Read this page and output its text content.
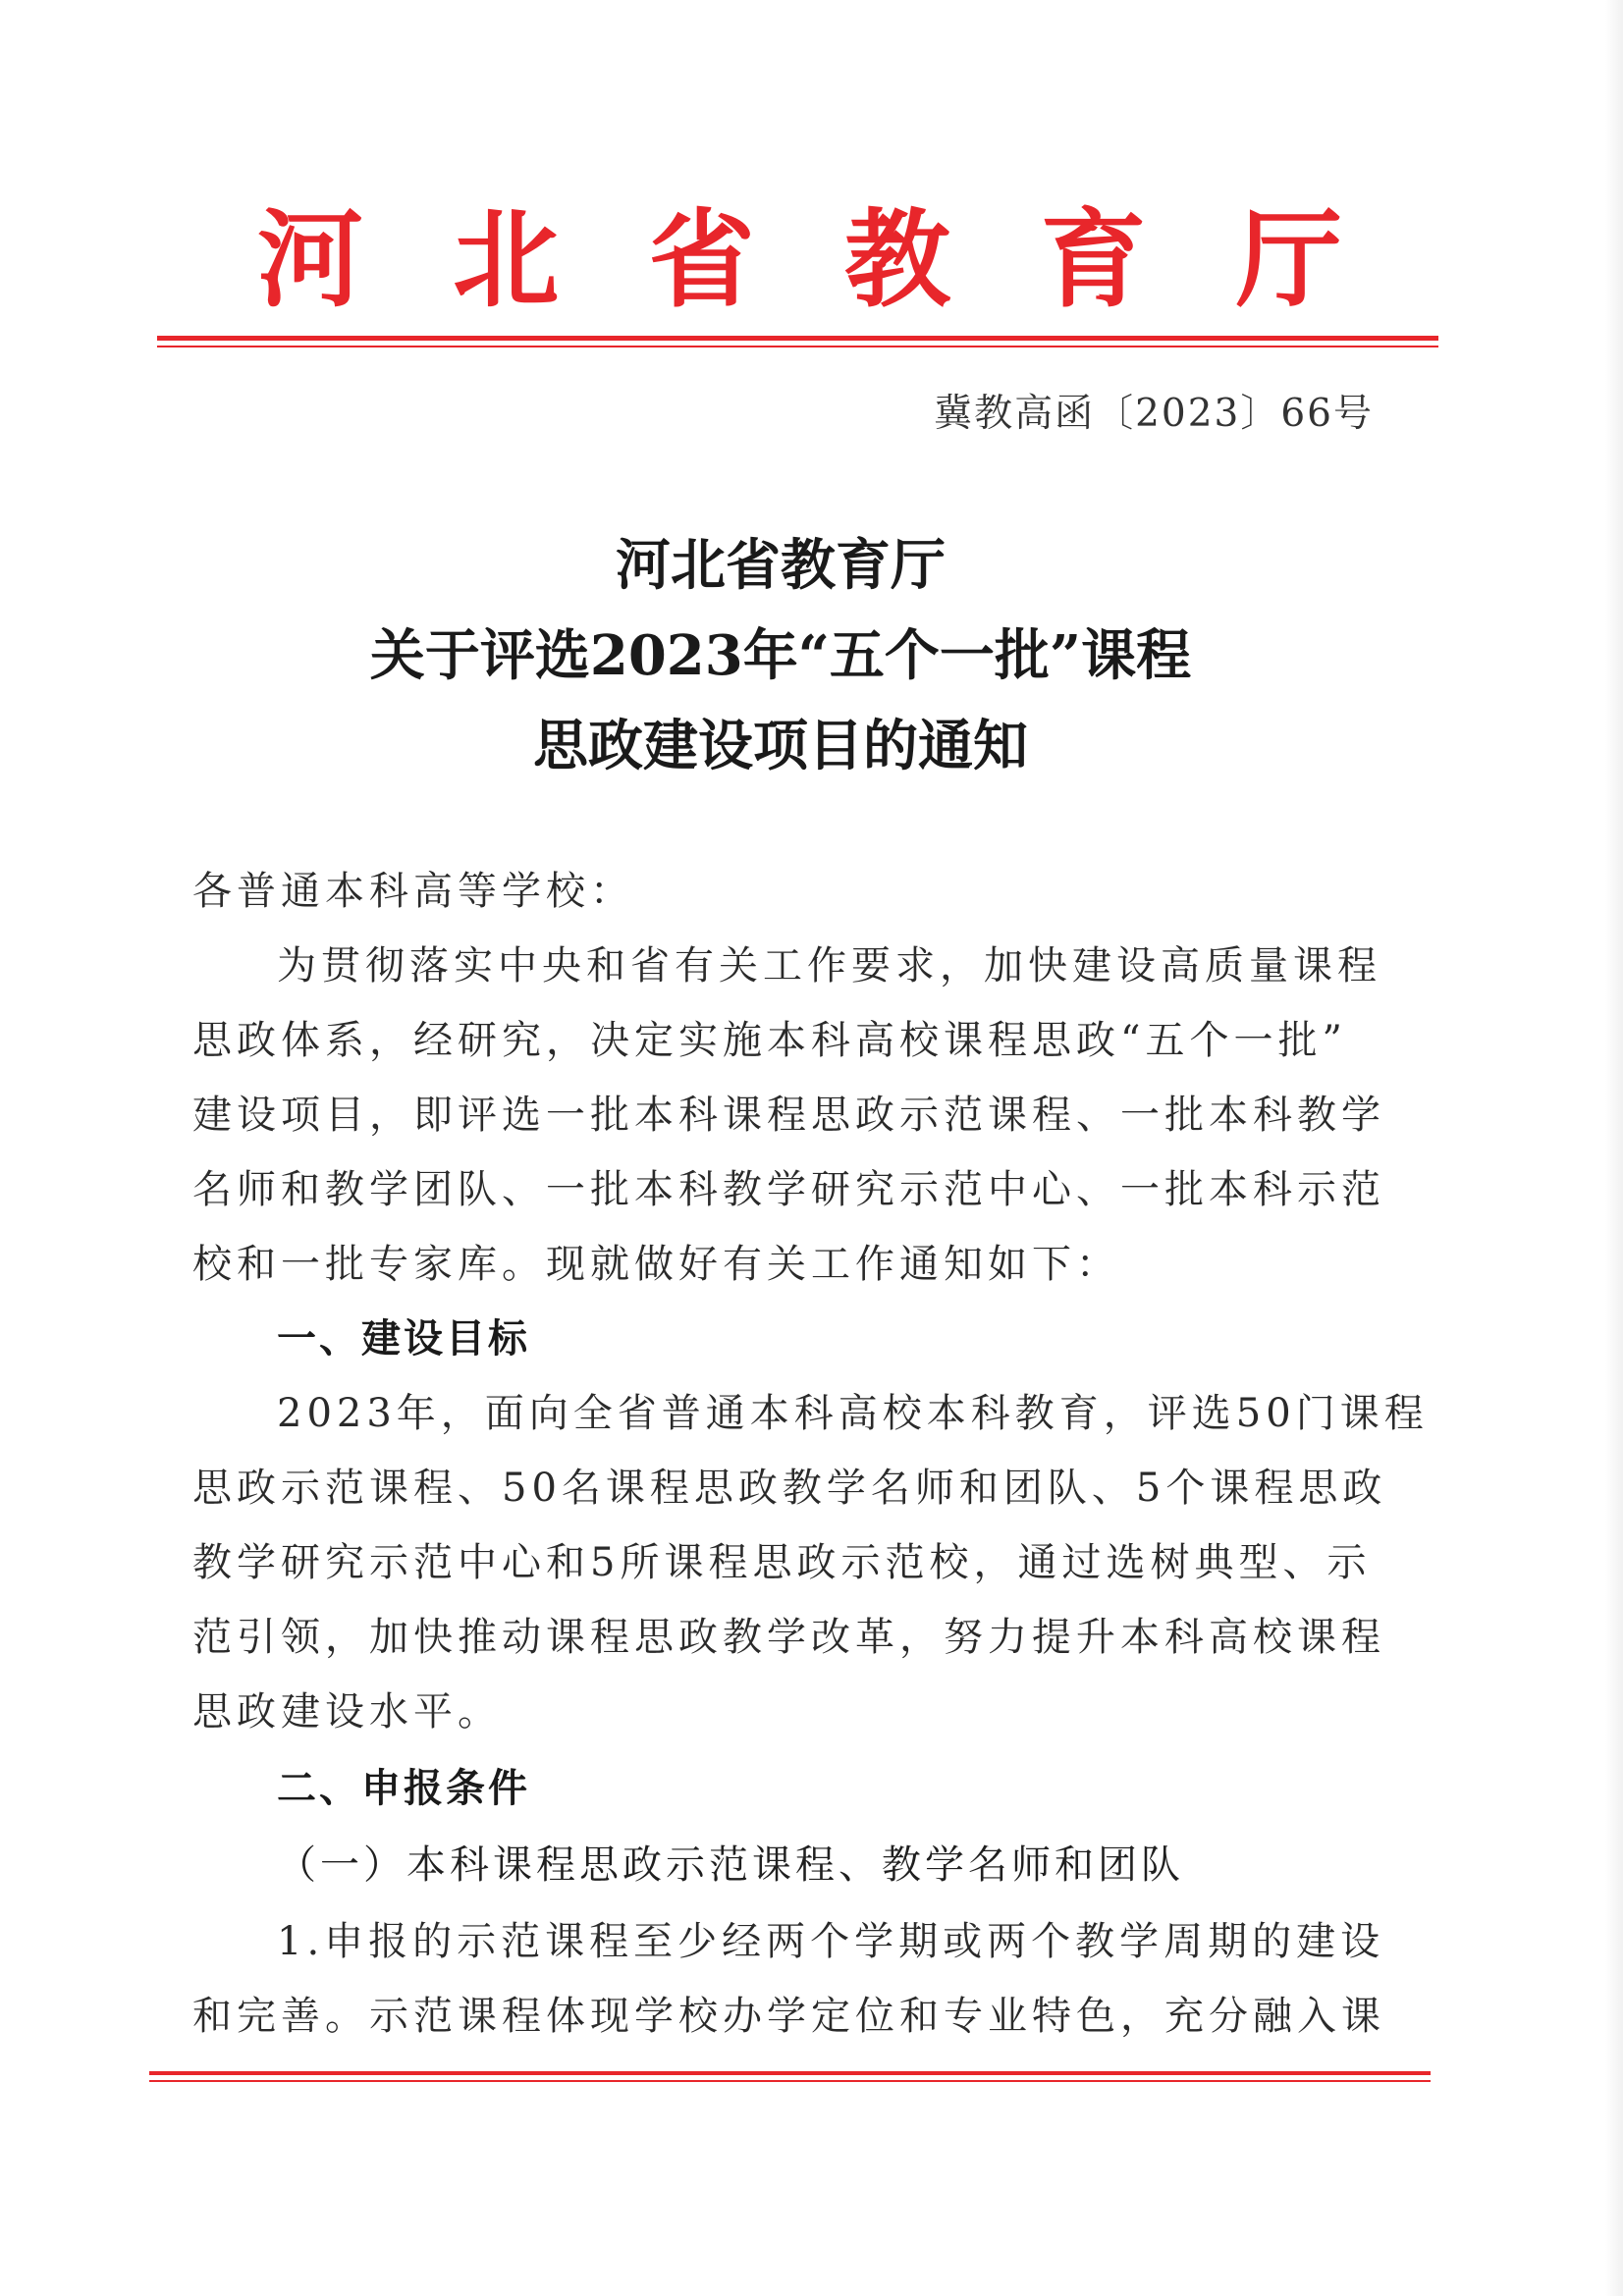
河 北 省 教 育 厅
冀教高函〔2023〕66号
河北省教育厅
关于评选2023年“五个一批”课程
思政建设项目的通知
各普通本科高等学校：
为贯彻落实中央和省有关工作要求，加快建设高质量课程
思政体系，经研究，决定实施本科高校课程思政“五个一批”
建设项目，即评选一批本科课程思政示范课程、一批本科教学
名师和教学团队、一批本科教学研究示范中心、一批本科示范
校和一批专家库。现就做好有关工作通知如下：
一、建设目标
2023年，面向全省普通本科高校本科教育，评选50门课程
思政示范课程、50名课程思政教学名师和团队、5个课程思政
教学研究示范中心和5所课程思政示范校，通过选树典型、示
范引领，加快推动课程思政教学改革，努力提升本科高校课程
思政建设水平。
二、申报条件
（一）本科课程思政示范课程、教学名师和团队
1.申报的示范课程至少经两个学期或两个教学周期的建设
和完善。示范课程体现学校办学定位和专业特色，充分融入课
